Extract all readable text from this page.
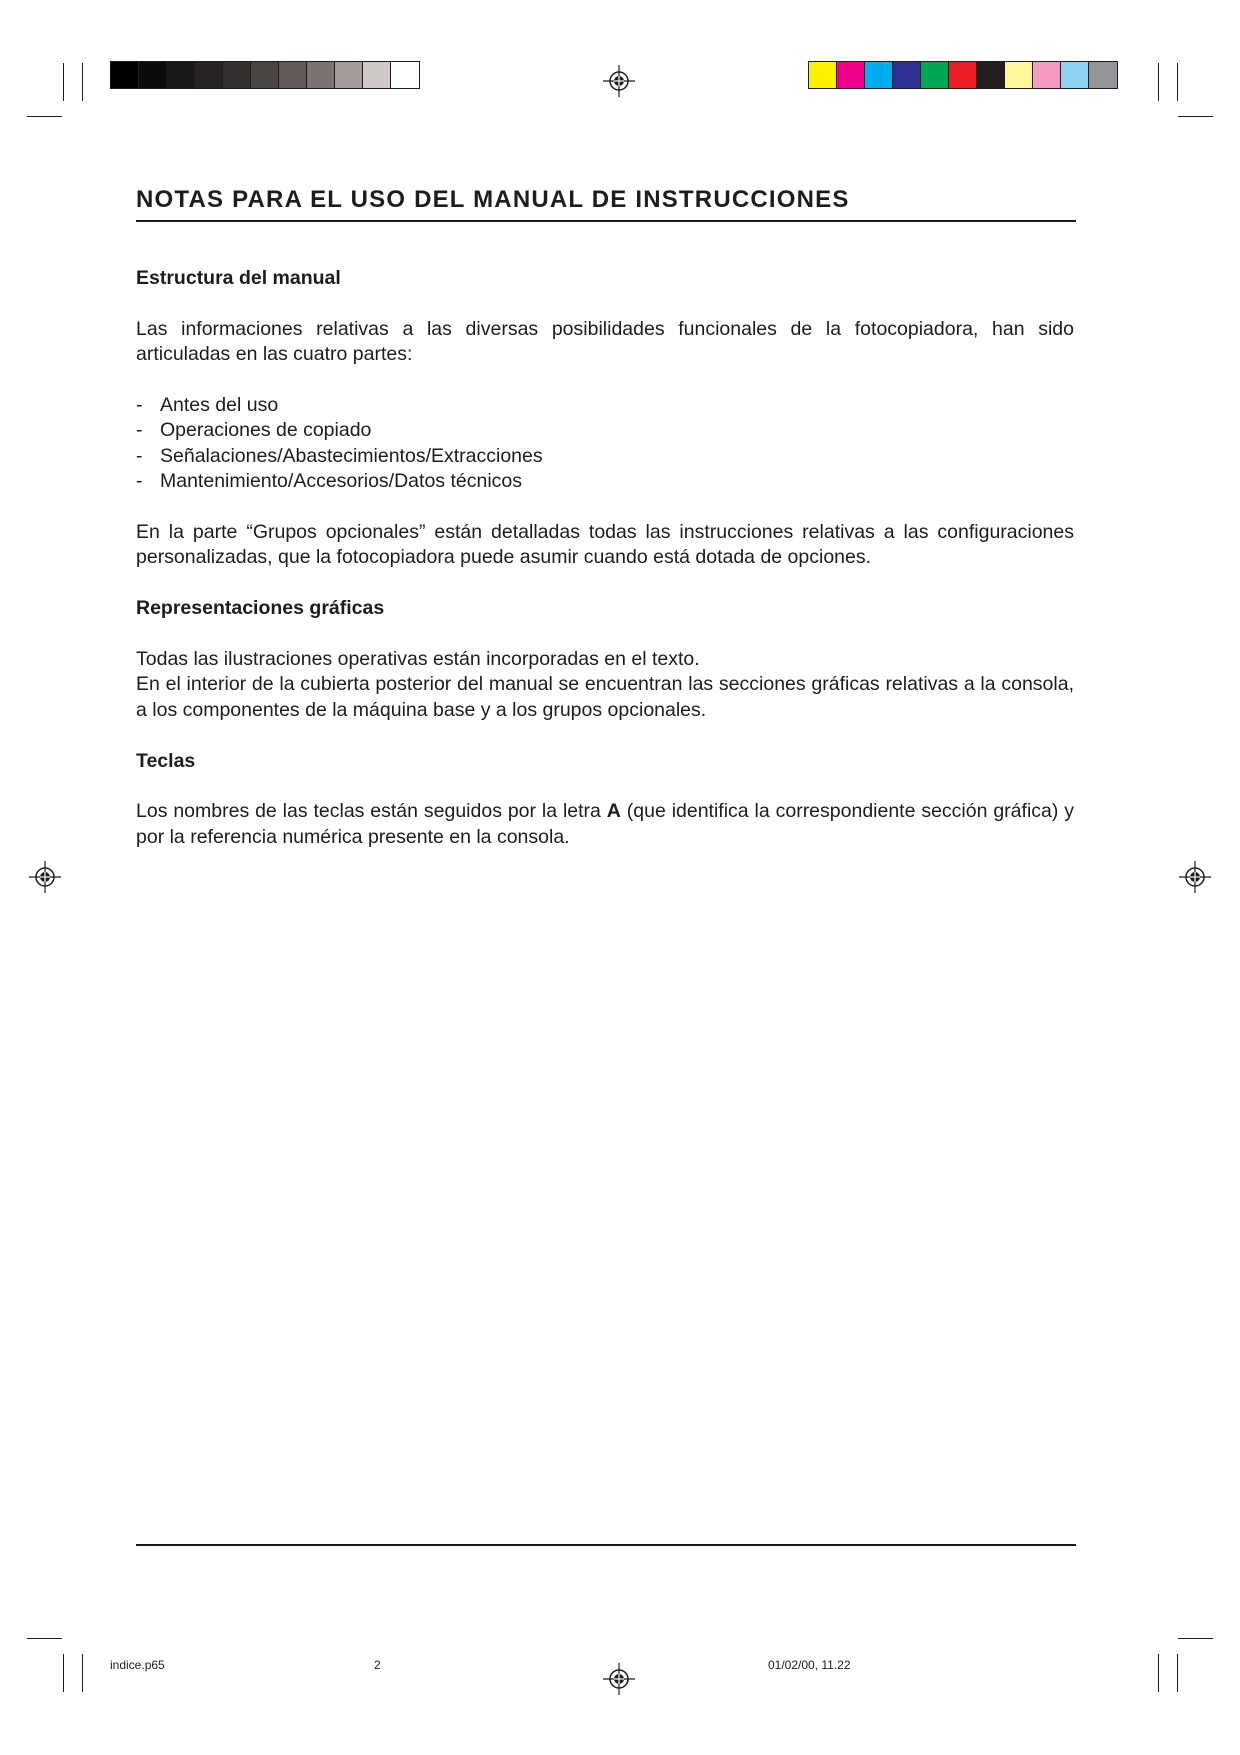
NOTAS PARA EL USO DEL MANUAL DE INSTRUCCIONES
Estructura del manual

Las informaciones relativas a las diversas posibilidades funcionales de la fotocopiadora, han sido articuladas en las cuatro partes:

- Antes del uso
- Operaciones de copiado
- Señalaciones/Abastecimientos/Extracciones
- Mantenimiento/Accesorios/Datos técnicos

En la parte “Grupos opcionales” están detalladas todas las instrucciones relativas a las configuraciones personalizadas, que la fotocopiadora puede asumir cuando está dotada de opciones.

Representaciones gráficas

Todas las ilustraciones operativas están incorporadas en el texto.

En el interior de la cubierta posterior del manual se encuentran las secciones gráficas relativas a la consola, a los componentes de la máquina base y a los grupos opcionales.

Teclas

Los nombres de las teclas están seguidos por la letra A (que identifica la correspondiente sección gráfica) y por la referencia numérica presente en la consola.

indice.p65	2	01/02/00, 11.22
